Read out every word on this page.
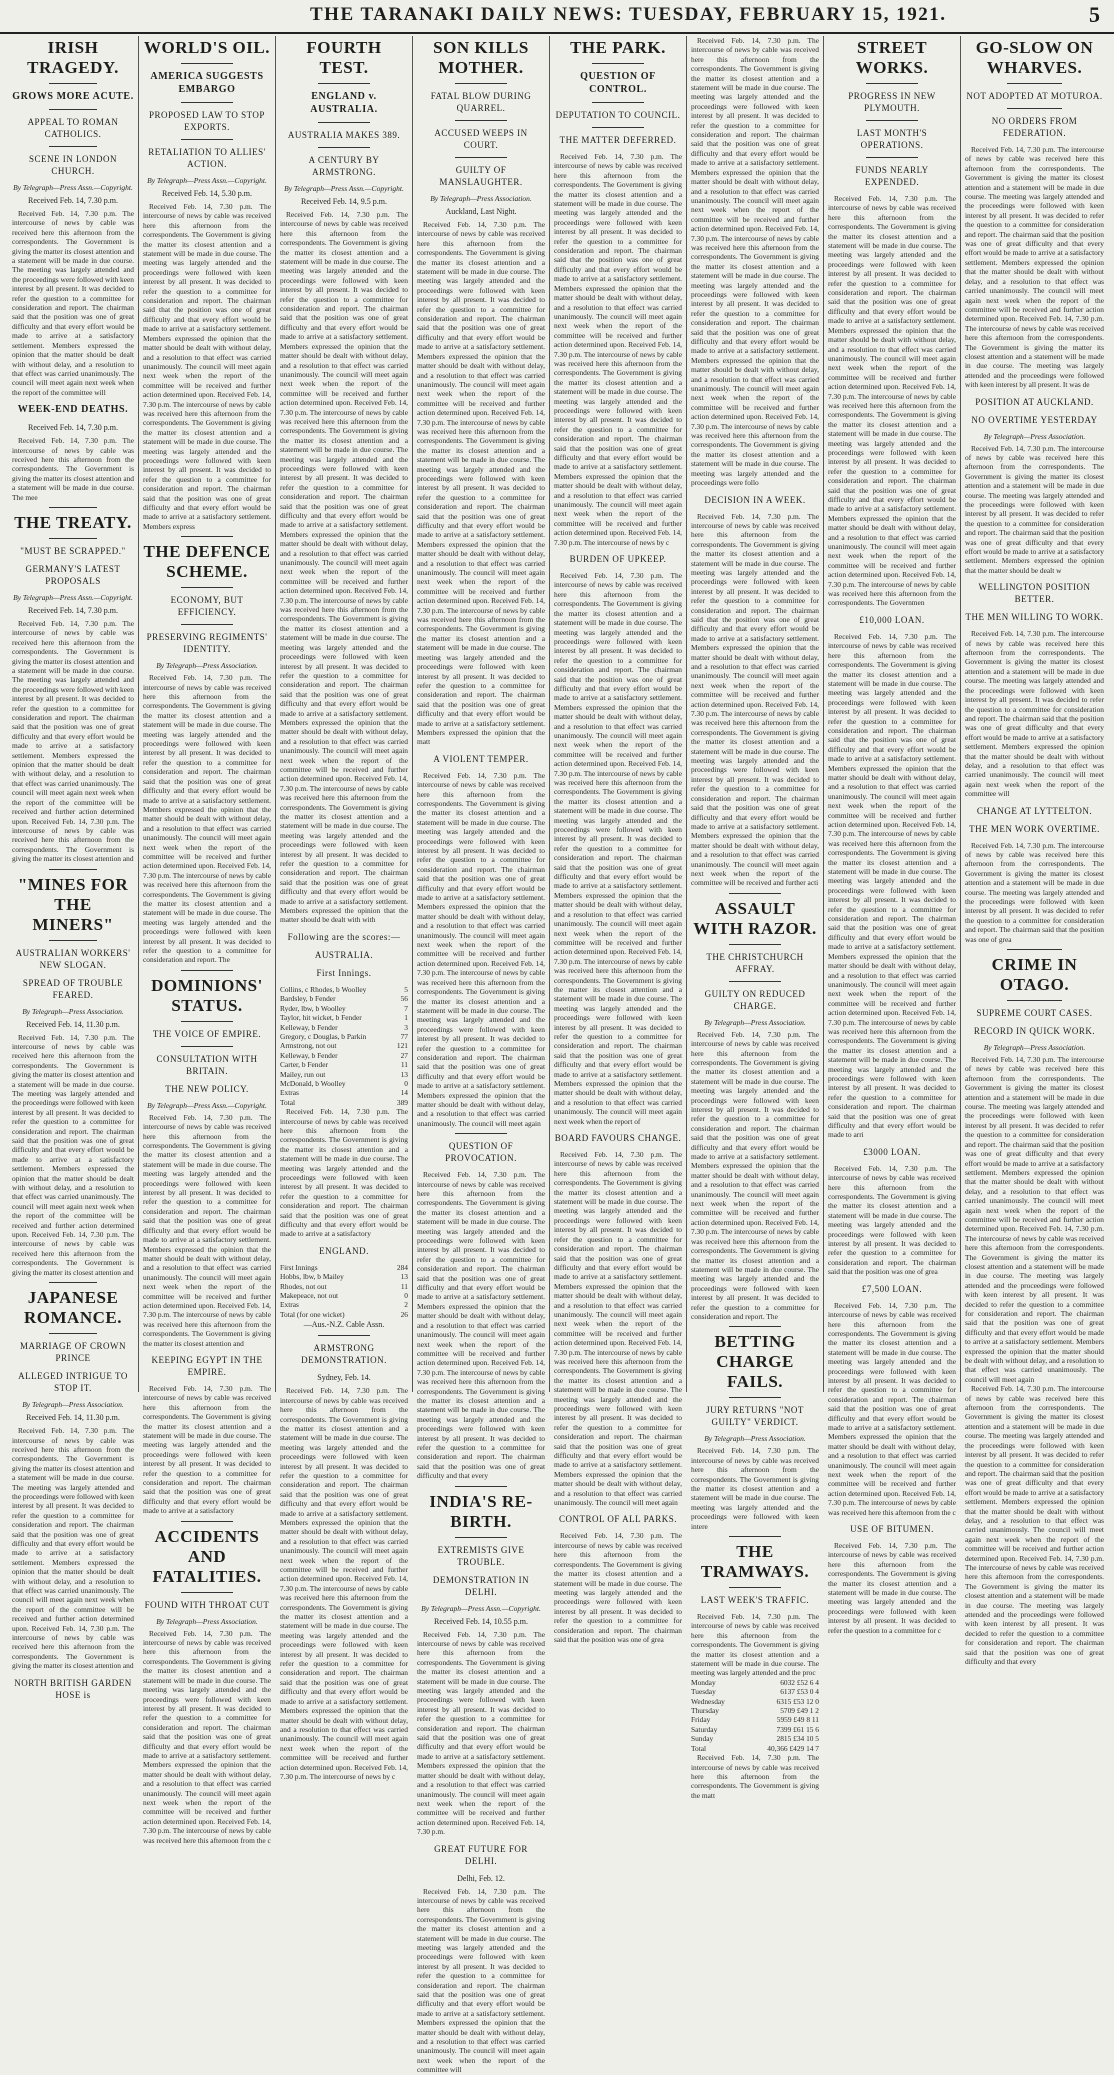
THE TARANAKI DAILY NEWS: TUESDAY, FEBRUARY 15, 1921.	5
IRISH TRAGEDY.
GROWS MORE ACUTE.
APPEAL TO ROMAN CATHOLICS.
SCENE IN LONDON CHURCH.
By Telegraph—Press Assn.—Copyright.
Received Feb. 14, 7.30 p.m.

Received Feb. 14, 7.30 p.m. The intercourse of news by cable was received here this afternoon from the correspondents. The Government is giving the matter its closest attention and a statement will be made in due course. The meeting was largely attended and the proceedings were followed with keen interest by all present. It was decided to refer the question to a committee for consideration and report. The chairman said that the position was one of great difficulty and that every effort would be made to arrive at a satisfactory settlement. Members expressed the opinion that the matter should be dealt with without delay, and a resolution to that effect was carried unanimously. The council will meet again next week when the report of the committee will

WEEK-END DEATHS.
Received Feb. 14, 7.30 p.m.

Received Feb. 14, 7.30 p.m. The intercourse of news by cable was received here this afternoon from the correspondents. The Government is giving the matter its closest attention and a statement will be made in due course. The mee

THE TREATY.
"MUST BE SCRAPPED."
GERMANY'S LATEST PROPOSALS
By Telegraph—Press Assn.—Copyright.
Received Feb. 14, 7.30 p.m.

Received Feb. 14, 7.30 p.m. The intercourse of news by cable was received here this afternoon from the correspondents. The Government is giving the matter its closest attention and a statement will be made in due course. The meeting was largely attended and the proceedings were followed with keen interest by all present. It was decided to refer the question to a committee for consideration and report. The chairman said that the position was one of great difficulty and that every effort would be made to arrive at a satisfactory settlement. Members expressed the opinion that the matter should be dealt with without delay, and a resolution to that effect was carried unanimously. The council will meet again next week when the report of the committee will be received and further action determined upon. Received Feb. 14, 7.30 p.m. The intercourse of news by cable was received here this afternoon from the correspondents. The Government is giving the matter its closest attention and

"MINES FOR THE MINERS"
AUSTRALIAN WORKERS' NEW SLOGAN.
SPREAD OF TROUBLE FEARED.
By Telegraph—Press Association.
Received Feb. 14, 11.30 p.m.

Received Feb. 14, 7.30 p.m. The intercourse of news by cable was received here this afternoon from the correspondents. The Government is giving the matter its closest attention and a statement will be made in due course. The meeting was largely attended and the proceedings were followed with keen interest by all present. It was decided to refer the question to a committee for consideration and report. The chairman said that the position was one of great difficulty and that every effort would be made to arrive at a satisfactory settlement. Members expressed the opinion that the matter should be dealt with without delay, and a resolution to that effect was carried unanimously. The council will meet again next week when the report of the committee will be received and further action determined upon. Received Feb. 14, 7.30 p.m. The intercourse of news by cable was received here this afternoon from the correspondents. The Government is giving the matter its closest attention and

JAPANESE ROMANCE.
MARRIAGE OF CROWN PRINCE
ALLEGED INTRIGUE TO STOP IT.
By Telegraph—Press Association.
Received Feb. 14, 11.30 p.m.

Received Feb. 14, 7.30 p.m. The intercourse of news by cable was received here this afternoon from the correspondents. The Government is giving the matter its closest attention and a statement will be made in due course. The meeting was largely attended and the proceedings were followed with keen interest by all present. It was decided to refer the question to a committee for consideration and report. The chairman said that the position was one of great difficulty and that every effort would be made to arrive at a satisfactory settlement. Members expressed the opinion that the matter should be dealt with without delay, and a resolution to that effect was carried unanimously. The council will meet again next week when the report of the committee will be received and further action determined upon. Received Feb. 14, 7.30 p.m. The intercourse of news by cable was received here this afternoon from the correspondents. The Government is giving the matter its closest attention and

NORTH BRITISH GARDEN HOSE is
WORLD'S OIL.
AMERICA SUGGESTS EMBARGO
PROPOSED LAW TO STOP EXPORTS.
RETALIATION TO ALLIES' ACTION.
By Telegraph—Press Assn.—Copyright.
Received Feb. 14, 5.30 p.m.

Received Feb. 14, 7.30 p.m. The intercourse of news by cable was received here this afternoon from the correspondents. The Government is giving the matter its closest attention and a statement will be made in due course. The meeting was largely attended and the proceedings were followed with keen interest by all present. It was decided to refer the question to a committee for consideration and report. The chairman said that the position was one of great difficulty and that every effort would be made to arrive at a satisfactory settlement. Members expressed the opinion that the matter should be dealt with without delay, and a resolution to that effect was carried unanimously. The council will meet again next week when the report of the committee will be received and further action determined upon. Received Feb. 14, 7.30 p.m. The intercourse of news by cable was received here this afternoon from the correspondents. The Government is giving the matter its closest attention and a statement will be made in due course. The meeting was largely attended and the proceedings were followed with keen interest by all present. It was decided to refer the question to a committee for consideration and report. The chairman said that the position was one of great difficulty and that every effort would be made to arrive at a satisfactory settlement. Members express

THE DEFENCE SCHEME.
ECONOMY, BUT EFFICIENCY.
PRESERVING REGIMENTS' IDENTITY.
By Telegraph—Press Association.

Received Feb. 14, 7.30 p.m. The intercourse of news by cable was received here this afternoon from the correspondents. The Government is giving the matter its closest attention and a statement will be made in due course. The meeting was largely attended and the proceedings were followed with keen interest by all present. It was decided to refer the question to a committee for consideration and report. The chairman said that the position was one of great difficulty and that every effort would be made to arrive at a satisfactory settlement. Members expressed the opinion that the matter should be dealt with without delay, and a resolution to that effect was carried unanimously. The council will meet again next week when the report of the committee will be received and further action determined upon. Received Feb. 14, 7.30 p.m. The intercourse of news by cable was received here this afternoon from the correspondents. The Government is giving the matter its closest attention and a statement will be made in due course. The meeting was largely attended and the proceedings were followed with keen interest by all present. It was decided to refer the question to a committee for consideration and report. The

DOMINIONS' STATUS.
THE VOICE OF EMPIRE.
CONSULTATION WITH BRITAIN.
THE NEW POLICY.
By Telegraph—Press Assn.—Copyright.

Received Feb. 14, 7.30 p.m. The intercourse of news by cable was received here this afternoon from the correspondents. The Government is giving the matter its closest attention and a statement will be made in due course. The meeting was largely attended and the proceedings were followed with keen interest by all present. It was decided to refer the question to a committee for consideration and report. The chairman said that the position was one of great difficulty and that every effort would be made to arrive at a satisfactory settlement. Members expressed the opinion that the matter should be dealt with without delay, and a resolution to that effect was carried unanimously. The council will meet again next week when the report of the committee will be received and further action determined upon. Received Feb. 14, 7.30 p.m. The intercourse of news by cable was received here this afternoon from the correspondents. The Government is giving the matter its closest attention and

KEEPING EGYPT IN THE EMPIRE.

Received Feb. 14, 7.30 p.m. The intercourse of news by cable was received here this afternoon from the correspondents. The Government is giving the matter its closest attention and a statement will be made in due course. The meeting was largely attended and the proceedings were followed with keen interest by all present. It was decided to refer the question to a committee for consideration and report. The chairman said that the position was one of great difficulty and that every effort would be made to arrive at a satisfactory

ACCIDENTS AND FATALITIES.
FOUND WITH THROAT CUT
By Telegraph—Press Association.

Received Feb. 14, 7.30 p.m. The intercourse of news by cable was received here this afternoon from the correspondents. The Government is giving the matter its closest attention and a statement will be made in due course. The meeting was largely attended and the proceedings were followed with keen interest by all present. It was decided to refer the question to a committee for consideration and report. The chairman said that the position was one of great difficulty and that every effort would be made to arrive at a satisfactory settlement. Members expressed the opinion that the matter should be dealt with without delay, and a resolution to that effect was carried unanimously. The council will meet again next week when the report of the committee will be received and further action determined upon. Received Feb. 14, 7.30 p.m. The intercourse of news by cable was received here this afternoon from the c

FOURTH TEST.
ENGLAND v. AUSTRALIA.
AUSTRALIA MAKES 389.
A CENTURY BY ARMSTRONG.
By Telegraph—Press Assn.—Copyright.
Received Feb. 14, 9.5 p.m.

Received Feb. 14, 7.30 p.m. The intercourse of news by cable was received here this afternoon from the correspondents. The Government is giving the matter its closest attention and a statement will be made in due course. The meeting was largely attended and the proceedings were followed with keen interest by all present. It was decided to refer the question to a committee for consideration and report. The chairman said that the position was one of great difficulty and that every effort would be made to arrive at a satisfactory settlement. Members expressed the opinion that the matter should be dealt with without delay, and a resolution to that effect was carried unanimously. The council will meet again next week when the report of the committee will be received and further action determined upon. Received Feb. 14, 7.30 p.m. The intercourse of news by cable was received here this afternoon from the correspondents. The Government is giving the matter its closest attention and a statement will be made in due course. The meeting was largely attended and the proceedings were followed with keen interest by all present. It was decided to refer the question to a committee for consideration and report. The chairman said that the position was one of great difficulty and that every effort would be made to arrive at a satisfactory settlement. Members expressed the opinion that the matter should be dealt with without delay, and a resolution to that effect was carried unanimously. The council will meet again next week when the report of the committee will be received and further action determined upon. Received Feb. 14, 7.30 p.m. The intercourse of news by cable was received here this afternoon from the correspondents. The Government is giving the matter its closest attention and a statement will be made in due course. The meeting was largely attended and the proceedings were followed with keen interest by all present. It was decided to refer the question to a committee for consideration and report. The chairman said that the position was one of great difficulty and that every effort would be made to arrive at a satisfactory settlement. Members expressed the opinion that the matter should be dealt with without delay, and a resolution to that effect was carried unanimously. The council will meet again next week when the report of the committee will be received and further action determined upon. Received Feb. 14, 7.30 p.m. The intercourse of news by cable was received here this afternoon from the correspondents. The Government is giving the matter its closest attention and a statement will be made in due course. The meeting was largely attended and the proceedings were followed with keen interest by all present. It was decided to refer the question to a committee for consideration and report. The chairman said that the position was one of great difficulty and that every effort would be made to arrive at a satisfactory settlement. Members expressed the opinion that the matter should be dealt with with

Following are the scores:—
AUSTRALIA.
First Innings.
Collins, c Rhodes, b Woolley	5
Bardsley, b Fender	56
Ryder, lbw, b Woolley	7
Taylor, hit wicket, b Fender	1
Kelleway, b Fender	3
Gregory, c Douglas, b Parkin	77
Armstrong, not out	121
Kelleway, b Fender	27
Carter, b Fender	11
Mailey, run out	13
McDonald, b Woolley	0
Extras	14
Total	389

Received Feb. 14, 7.30 p.m. The intercourse of news by cable was received here this afternoon from the correspondents. The Government is giving the matter its closest attention and a statement will be made in due course. The meeting was largely attended and the proceedings were followed with keen interest by all present. It was decided to refer the question to a committee for consideration and report. The chairman said that the position was one of great difficulty and that every effort would be made to arrive at a satisfactory

ENGLAND.
First Innings	284
Hobbs, lbw, b Mailey	13
Rhodes, not out	11
Makepeace, not out	0
Extras	2
Total (for one wicket)	26
—Aus.-N.Z. Cable Assn.
ARMSTRONG DEMONSTRATION.
Sydney, Feb. 14.

Received Feb. 14, 7.30 p.m. The intercourse of news by cable was received here this afternoon from the correspondents. The Government is giving the matter its closest attention and a statement will be made in due course. The meeting was largely attended and the proceedings were followed with keen interest by all present. It was decided to refer the question to a committee for consideration and report. The chairman said that the position was one of great difficulty and that every effort would be made to arrive at a satisfactory settlement. Members expressed the opinion that the matter should be dealt with without delay, and a resolution to that effect was carried unanimously. The council will meet again next week when the report of the committee will be received and further action determined upon. Received Feb. 14, 7.30 p.m. The intercourse of news by cable was received here this afternoon from the correspondents. The Government is giving the matter its closest attention and a statement will be made in due course. The meeting was largely attended and the proceedings were followed with keen interest by all present. It was decided to refer the question to a committee for consideration and report. The chairman said that the position was one of great difficulty and that every effort would be made to arrive at a satisfactory settlement. Members expressed the opinion that the matter should be dealt with without delay, and a resolution to that effect was carried unanimously. The council will meet again next week when the report of the committee will be received and further action determined upon. Received Feb. 14, 7.30 p.m. The intercourse of news by c

SON KILLS MOTHER.
FATAL BLOW DURING QUARREL.
ACCUSED WEEPS IN COURT.
GUILTY OF MANSLAUGHTER.
By Telegraph—Press Association.
Auckland, Last Night.

Received Feb. 14, 7.30 p.m. The intercourse of news by cable was received here this afternoon from the correspondents. The Government is giving the matter its closest attention and a statement will be made in due course. The meeting was largely attended and the proceedings were followed with keen interest by all present. It was decided to refer the question to a committee for consideration and report. The chairman said that the position was one of great difficulty and that every effort would be made to arrive at a satisfactory settlement. Members expressed the opinion that the matter should be dealt with without delay, and a resolution to that effect was carried unanimously. The council will meet again next week when the report of the committee will be received and further action determined upon. Received Feb. 14, 7.30 p.m. The intercourse of news by cable was received here this afternoon from the correspondents. The Government is giving the matter its closest attention and a statement will be made in due course. The meeting was largely attended and the proceedings were followed with keen interest by all present. It was decided to refer the question to a committee for consideration and report. The chairman said that the position was one of great difficulty and that every effort would be made to arrive at a satisfactory settlement. Members expressed the opinion that the matter should be dealt with without delay, and a resolution to that effect was carried unanimously. The council will meet again next week when the report of the committee will be received and further action determined upon. Received Feb. 14, 7.30 p.m. The intercourse of news by cable was received here this afternoon from the correspondents. The Government is giving the matter its closest attention and a statement will be made in due course. The meeting was largely attended and the proceedings were followed with keen interest by all present. It was decided to refer the question to a committee for consideration and report. The chairman said that the position was one of great difficulty and that every effort would be made to arrive at a satisfactory settlement. Members expressed the opinion that the matt

A VIOLENT TEMPER.

Received Feb. 14, 7.30 p.m. The intercourse of news by cable was received here this afternoon from the correspondents. The Government is giving the matter its closest attention and a statement will be made in due course. The meeting was largely attended and the proceedings were followed with keen interest by all present. It was decided to refer the question to a committee for consideration and report. The chairman said that the position was one of great difficulty and that every effort would be made to arrive at a satisfactory settlement. Members expressed the opinion that the matter should be dealt with without delay, and a resolution to that effect was carried unanimously. The council will meet again next week when the report of the committee will be received and further action determined upon. Received Feb. 14, 7.30 p.m. The intercourse of news by cable was received here this afternoon from the correspondents. The Government is giving the matter its closest attention and a statement will be made in due course. The meeting was largely attended and the proceedings were followed with keen interest by all present. It was decided to refer the question to a committee for consideration and report. The chairman said that the position was one of great difficulty and that every effort would be made to arrive at a satisfactory settlement. Members expressed the opinion that the matter should be dealt with without delay, and a resolution to that effect was carried unanimously. The council will meet again

QUESTION OF PROVOCATION.

Received Feb. 14, 7.30 p.m. The intercourse of news by cable was received here this afternoon from the correspondents. The Government is giving the matter its closest attention and a statement will be made in due course. The meeting was largely attended and the proceedings were followed with keen interest by all present. It was decided to refer the question to a committee for consideration and report. The chairman said that the position was one of great difficulty and that every effort would be made to arrive at a satisfactory settlement. Members expressed the opinion that the matter should be dealt with without delay, and a resolution to that effect was carried unanimously. The council will meet again next week when the report of the committee will be received and further action determined upon. Received Feb. 14, 7.30 p.m. The intercourse of news by cable was received here this afternoon from the correspondents. The Government is giving the matter its closest attention and a statement will be made in due course. The meeting was largely attended and the proceedings were followed with keen interest by all present. It was decided to refer the question to a committee for consideration and report. The chairman said that the position was one of great difficulty and that every

INDIA'S RE-BIRTH.
EXTREMISTS GIVE TROUBLE.
DEMONSTRATION IN DELHI.
By Telegraph—Press Assn.—Copyright.
Received Feb. 14, 10.55 p.m.

Received Feb. 14, 7.30 p.m. The intercourse of news by cable was received here this afternoon from the correspondents. The Government is giving the matter its closest attention and a statement will be made in due course. The meeting was largely attended and the proceedings were followed with keen interest by all present. It was decided to refer the question to a committee for consideration and report. The chairman said that the position was one of great difficulty and that every effort would be made to arrive at a satisfactory settlement. Members expressed the opinion that the matter should be dealt with without delay, and a resolution to that effect was carried unanimously. The council will meet again next week when the report of the committee will be received and further action determined upon. Received Feb. 14, 7.30 p.m.

GREAT FUTURE FOR DELHI.
Delhi, Feb. 12.

Received Feb. 14, 7.30 p.m. The intercourse of news by cable was received here this afternoon from the correspondents. The Government is giving the matter its closest attention and a statement will be made in due course. The meeting was largely attended and the proceedings were followed with keen interest by all present. It was decided to refer the question to a committee for consideration and report. The chairman said that the position was one of great difficulty and that every effort would be made to arrive at a satisfactory settlement. Members expressed the opinion that the matter should be dealt with without delay, and a resolution to that effect was carried unanimously. The council will meet again next week when the report of the committee will

THE PARK.
QUESTION OF CONTROL.
DEPUTATION TO COUNCIL.
THE MATTER DEFERRED.

Received Feb. 14, 7.30 p.m. The intercourse of news by cable was received here this afternoon from the correspondents. The Government is giving the matter its closest attention and a statement will be made in due course. The meeting was largely attended and the proceedings were followed with keen interest by all present. It was decided to refer the question to a committee for consideration and report. The chairman said that the position was one of great difficulty and that every effort would be made to arrive at a satisfactory settlement. Members expressed the opinion that the matter should be dealt with without delay, and a resolution to that effect was carried unanimously. The council will meet again next week when the report of the committee will be received and further action determined upon. Received Feb. 14, 7.30 p.m. The intercourse of news by cable was received here this afternoon from the correspondents. The Government is giving the matter its closest attention and a statement will be made in due course. The meeting was largely attended and the proceedings were followed with keen interest by all present. It was decided to refer the question to a committee for consideration and report. The chairman said that the position was one of great difficulty and that every effort would be made to arrive at a satisfactory settlement. Members expressed the opinion that the matter should be dealt with without delay, and a resolution to that effect was carried unanimously. The council will meet again next week when the report of the committee will be received and further action determined upon. Received Feb. 14, 7.30 p.m. The intercourse of news by c

BURDEN OF UPKEEP.

Received Feb. 14, 7.30 p.m. The intercourse of news by cable was received here this afternoon from the correspondents. The Government is giving the matter its closest attention and a statement will be made in due course. The meeting was largely attended and the proceedings were followed with keen interest by all present. It was decided to refer the question to a committee for consideration and report. The chairman said that the position was one of great difficulty and that every effort would be made to arrive at a satisfactory settlement. Members expressed the opinion that the matter should be dealt with without delay, and a resolution to that effect was carried unanimously. The council will meet again next week when the report of the committee will be received and further action determined upon. Received Feb. 14, 7.30 p.m. The intercourse of news by cable was received here this afternoon from the correspondents. The Government is giving the matter its closest attention and a statement will be made in due course. The meeting was largely attended and the proceedings were followed with keen interest by all present. It was decided to refer the question to a committee for consideration and report. The chairman said that the position was one of great difficulty and that every effort would be made to arrive at a satisfactory settlement. Members expressed the opinion that the matter should be dealt with without delay, and a resolution to that effect was carried unanimously. The council will meet again next week when the report of the committee will be received and further action determined upon. Received Feb. 14, 7.30 p.m. The intercourse of news by cable was received here this afternoon from the correspondents. The Government is giving the matter its closest attention and a statement will be made in due course. The meeting was largely attended and the proceedings were followed with keen interest by all present. It was decided to refer the question to a committee for consideration and report. The chairman said that the position was one of great difficulty and that every effort would be made to arrive at a satisfactory settlement. Members expressed the opinion that the matter should be dealt with without delay, and a resolution to that effect was carried unanimously. The council will meet again next week when the report of

BOARD FAVOURS CHANGE.

Received Feb. 14, 7.30 p.m. The intercourse of news by cable was received here this afternoon from the correspondents. The Government is giving the matter its closest attention and a statement will be made in due course. The meeting was largely attended and the proceedings were followed with keen interest by all present. It was decided to refer the question to a committee for consideration and report. The chairman said that the position was one of great difficulty and that every effort would be made to arrive at a satisfactory settlement. Members expressed the opinion that the matter should be dealt with without delay, and a resolution to that effect was carried unanimously. The council will meet again next week when the report of the committee will be received and further action determined upon. Received Feb. 14, 7.30 p.m. The intercourse of news by cable was received here this afternoon from the correspondents. The Government is giving the matter its closest attention and a statement will be made in due course. The meeting was largely attended and the proceedings were followed with keen interest by all present. It was decided to refer the question to a committee for consideration and report. The chairman said that the position was one of great difficulty and that every effort would be made to arrive at a satisfactory settlement. Members expressed the opinion that the matter should be dealt with without delay, and a resolution to that effect was carried unanimously. The council will meet again

CONTROL OF ALL PARKS.

Received Feb. 14, 7.30 p.m. The intercourse of news by cable was received here this afternoon from the correspondents. The Government is giving the matter its closest attention and a statement will be made in due course. The meeting was largely attended and the proceedings were followed with keen interest by all present. It was decided to refer the question to a committee for consideration and report. The chairman said that the position was one of grea

Received Feb. 14, 7.30 p.m. The intercourse of news by cable was received here this afternoon from the correspondents. The Government is giving the matter its closest attention and a statement will be made in due course. The meeting was largely attended and the proceedings were followed with keen interest by all present. It was decided to refer the question to a committee for consideration and report. The chairman said that the position was one of great difficulty and that every effort would be made to arrive at a satisfactory settlement. Members expressed the opinion that the matter should be dealt with without delay, and a resolution to that effect was carried unanimously. The council will meet again next week when the report of the committee will be received and further action determined upon. Received Feb. 14, 7.30 p.m. The intercourse of news by cable was received here this afternoon from the correspondents. The Government is giving the matter its closest attention and a statement will be made in due course. The meeting was largely attended and the proceedings were followed with keen interest by all present. It was decided to refer the question to a committee for consideration and report. The chairman said that the position was one of great difficulty and that every effort would be made to arrive at a satisfactory settlement. Members expressed the opinion that the matter should be dealt with without delay, and a resolution to that effect was carried unanimously. The council will meet again next week when the report of the committee will be received and further action determined upon. Received Feb. 14, 7.30 p.m. The intercourse of news by cable was received here this afternoon from the correspondents. The Government is giving the matter its closest attention and a statement will be made in due course. The meeting was largely attended and the proceedings were follo

DECISION IN A WEEK.

Received Feb. 14, 7.30 p.m. The intercourse of news by cable was received here this afternoon from the correspondents. The Government is giving the matter its closest attention and a statement will be made in due course. The meeting was largely attended and the proceedings were followed with keen interest by all present. It was decided to refer the question to a committee for consideration and report. The chairman said that the position was one of great difficulty and that every effort would be made to arrive at a satisfactory settlement. Members expressed the opinion that the matter should be dealt with without delay, and a resolution to that effect was carried unanimously. The council will meet again next week when the report of the committee will be received and further action determined upon. Received Feb. 14, 7.30 p.m. The intercourse of news by cable was received here this afternoon from the correspondents. The Government is giving the matter its closest attention and a statement will be made in due course. The meeting was largely attended and the proceedings were followed with keen interest by all present. It was decided to refer the question to a committee for consideration and report. The chairman said that the position was one of great difficulty and that every effort would be made to arrive at a satisfactory settlement. Members expressed the opinion that the matter should be dealt with without delay, and a resolution to that effect was carried unanimously. The council will meet again next week when the report of the committee will be received and further acti

ASSAULT WITH RAZOR.
THE CHRISTCHURCH AFFRAY.
GUILTY ON REDUCED CHARGE.
By Telegraph—Press Association.

Received Feb. 14, 7.30 p.m. The intercourse of news by cable was received here this afternoon from the correspondents. The Government is giving the matter its closest attention and a statement will be made in due course. The meeting was largely attended and the proceedings were followed with keen interest by all present. It was decided to refer the question to a committee for consideration and report. The chairman said that the position was one of great difficulty and that every effort would be made to arrive at a satisfactory settlement. Members expressed the opinion that the matter should be dealt with without delay, and a resolution to that effect was carried unanimously. The council will meet again next week when the report of the committee will be received and further action determined upon. Received Feb. 14, 7.30 p.m. The intercourse of news by cable was received here this afternoon from the correspondents. The Government is giving the matter its closest attention and a statement will be made in due course. The meeting was largely attended and the proceedings were followed with keen interest by all present. It was decided to refer the question to a committee for consideration and report. The

BETTING CHARGE FAILS.
JURY RETURNS "NOT GUILTY" VERDICT.
By Telegraph—Press Association.

Received Feb. 14, 7.30 p.m. The intercourse of news by cable was received here this afternoon from the correspondents. The Government is giving the matter its closest attention and a statement will be made in due course. The meeting was largely attended and the proceedings were followed with keen intere

THE TRAMWAYS.
LAST WEEK'S TRAFFIC.

Received Feb. 14, 7.30 p.m. The intercourse of news by cable was received here this afternoon from the correspondents. The Government is giving the matter its closest attention and a statement will be made in due course. The meeting was largely attended and the proc

Monday	6032 £52 6 4
Tuesday	6137 £53 0 4
Wednesday	6315 £53 12 0
Thursday	5709 £49 1 2
Friday	5959 £49 8 11
Saturday	7399 £61 15 6
Sunday	2815 £34 10 5
Total	40,366 £429 14 7

Received Feb. 14, 7.30 p.m. The intercourse of news by cable was received here this afternoon from the correspondents. The Government is giving the matt

STREET WORKS.
PROGRESS IN NEW PLYMOUTH.
LAST MONTH'S OPERATIONS.
FUNDS NEARLY EXPENDED.

Received Feb. 14, 7.30 p.m. The intercourse of news by cable was received here this afternoon from the correspondents. The Government is giving the matter its closest attention and a statement will be made in due course. The meeting was largely attended and the proceedings were followed with keen interest by all present. It was decided to refer the question to a committee for consideration and report. The chairman said that the position was one of great difficulty and that every effort would be made to arrive at a satisfactory settlement. Members expressed the opinion that the matter should be dealt with without delay, and a resolution to that effect was carried unanimously. The council will meet again next week when the report of the committee will be received and further action determined upon. Received Feb. 14, 7.30 p.m. The intercourse of news by cable was received here this afternoon from the correspondents. The Government is giving the matter its closest attention and a statement will be made in due course. The meeting was largely attended and the proceedings were followed with keen interest by all present. It was decided to refer the question to a committee for consideration and report. The chairman said that the position was one of great difficulty and that every effort would be made to arrive at a satisfactory settlement. Members expressed the opinion that the matter should be dealt with without delay, and a resolution to that effect was carried unanimously. The council will meet again next week when the report of the committee will be received and further action determined upon. Received Feb. 14, 7.30 p.m. The intercourse of news by cable was received here this afternoon from the correspondents. The Governmen

£10,000 LOAN.

Received Feb. 14, 7.30 p.m. The intercourse of news by cable was received here this afternoon from the correspondents. The Government is giving the matter its closest attention and a statement will be made in due course. The meeting was largely attended and the proceedings were followed with keen interest by all present. It was decided to refer the question to a committee for consideration and report. The chairman said that the position was one of great difficulty and that every effort would be made to arrive at a satisfactory settlement. Members expressed the opinion that the matter should be dealt with without delay, and a resolution to that effect was carried unanimously. The council will meet again next week when the report of the committee will be received and further action determined upon. Received Feb. 14, 7.30 p.m. The intercourse of news by cable was received here this afternoon from the correspondents. The Government is giving the matter its closest attention and a statement will be made in due course. The meeting was largely attended and the proceedings were followed with keen interest by all present. It was decided to refer the question to a committee for consideration and report. The chairman said that the position was one of great difficulty and that every effort would be made to arrive at a satisfactory settlement. Members expressed the opinion that the matter should be dealt with without delay, and a resolution to that effect was carried unanimously. The council will meet again next week when the report of the committee will be received and further action determined upon. Received Feb. 14, 7.30 p.m. The intercourse of news by cable was received here this afternoon from the correspondents. The Government is giving the matter its closest attention and a statement will be made in due course. The meeting was largely attended and the proceedings were followed with keen interest by all present. It was decided to refer the question to a committee for consideration and report. The chairman said that the position was one of great difficulty and that every effort would be made to arri

£3000 LOAN.

Received Feb. 14, 7.30 p.m. The intercourse of news by cable was received here this afternoon from the correspondents. The Government is giving the matter its closest attention and a statement will be made in due course. The meeting was largely attended and the proceedings were followed with keen interest by all present. It was decided to refer the question to a committee for consideration and report. The chairman said that the position was one of grea

£7,500 LOAN.

Received Feb. 14, 7.30 p.m. The intercourse of news by cable was received here this afternoon from the correspondents. The Government is giving the matter its closest attention and a statement will be made in due course. The meeting was largely attended and the proceedings were followed with keen interest by all present. It was decided to refer the question to a committee for consideration and report. The chairman said that the position was one of great difficulty and that every effort would be made to arrive at a satisfactory settlement. Members expressed the opinion that the matter should be dealt with without delay, and a resolution to that effect was carried unanimously. The council will meet again next week when the report of the committee will be received and further action determined upon. Received Feb. 14, 7.30 p.m. The intercourse of news by cable was received here this afternoon from the c

USE OF BITUMEN.

Received Feb. 14, 7.30 p.m. The intercourse of news by cable was received here this afternoon from the correspondents. The Government is giving the matter its closest attention and a statement will be made in due course. The meeting was largely attended and the proceedings were followed with keen interest by all present. It was decided to refer the question to a committee for c

GO-SLOW ON WHARVES.
NOT ADOPTED AT MOTUROA.
NO ORDERS FROM FEDERATION.

Received Feb. 14, 7.30 p.m. The intercourse of news by cable was received here this afternoon from the correspondents. The Government is giving the matter its closest attention and a statement will be made in due course. The meeting was largely attended and the proceedings were followed with keen interest by all present. It was decided to refer the question to a committee for consideration and report. The chairman said that the position was one of great difficulty and that every effort would be made to arrive at a satisfactory settlement. Members expressed the opinion that the matter should be dealt with without delay, and a resolution to that effect was carried unanimously. The council will meet again next week when the report of the committee will be received and further action determined upon. Received Feb. 14, 7.30 p.m. The intercourse of news by cable was received here this afternoon from the correspondents. The Government is giving the matter its closest attention and a statement will be made in due course. The meeting was largely attended and the proceedings were followed with keen interest by all present. It was de

POSITION AT AUCKLAND.
NO OVERTIME YESTERDAY
By Telegraph—Press Association.

Received Feb. 14, 7.30 p.m. The intercourse of news by cable was received here this afternoon from the correspondents. The Government is giving the matter its closest attention and a statement will be made in due course. The meeting was largely attended and the proceedings were followed with keen interest by all present. It was decided to refer the question to a committee for consideration and report. The chairman said that the position was one of great difficulty and that every effort would be made to arrive at a satisfactory settlement. Members expressed the opinion that the matter should be dealt w

WELLINGTON POSITION BETTER.
THE MEN WILLING TO WORK.

Received Feb. 14, 7.30 p.m. The intercourse of news by cable was received here this afternoon from the correspondents. The Government is giving the matter its closest attention and a statement will be made in due course. The meeting was largely attended and the proceedings were followed with keen interest by all present. It was decided to refer the question to a committee for consideration and report. The chairman said that the position was one of great difficulty and that every effort would be made to arrive at a satisfactory settlement. Members expressed the opinion that the matter should be dealt with without delay, and a resolution to that effect was carried unanimously. The council will meet again next week when the report of the committee will

CHANGE AT LYTTELTON.
THE MEN WORK OVERTIME.

Received Feb. 14, 7.30 p.m. The intercourse of news by cable was received here this afternoon from the correspondents. The Government is giving the matter its closest attention and a statement will be made in due course. The meeting was largely attended and the proceedings were followed with keen interest by all present. It was decided to refer the question to a committee for consideration and report. The chairman said that the position was one of grea

CRIME IN OTAGO.
SUPREME COURT CASES.
RECORD IN QUICK WORK.
By Telegraph—Press Association.

Received Feb. 14, 7.30 p.m. The intercourse of news by cable was received here this afternoon from the correspondents. The Government is giving the matter its closest attention and a statement will be made in due course. The meeting was largely attended and the proceedings were followed with keen interest by all present. It was decided to refer the question to a committee for consideration and report. The chairman said that the position was one of great difficulty and that every effort would be made to arrive at a satisfactory settlement. Members expressed the opinion that the matter should be dealt with without delay, and a resolution to that effect was carried unanimously. The council will meet again next week when the report of the committee will be received and further action determined upon. Received Feb. 14, 7.30 p.m. The intercourse of news by cable was received here this afternoon from the correspondents. The Government is giving the matter its closest attention and a statement will be made in due course. The meeting was largely attended and the proceedings were followed with keen interest by all present. It was decided to refer the question to a committee for consideration and report. The chairman said that the position was one of great difficulty and that every effort would be made to arrive at a satisfactory settlement. Members expressed the opinion that the matter should be dealt with without delay, and a resolution to that effect was carried unanimously. The council will meet again

Received Feb. 14, 7.30 p.m. The intercourse of news by cable was received here this afternoon from the correspondents. The Government is giving the matter its closest attention and a statement will be made in due course. The meeting was largely attended and the proceedings were followed with keen interest by all present. It was decided to refer the question to a committee for consideration and report. The chairman said that the position was one of great difficulty and that every effort would be made to arrive at a satisfactory settlement. Members expressed the opinion that the matter should be dealt with without delay, and a resolution to that effect was carried unanimously. The council will meet again next week when the report of the committee will be received and further action determined upon. Received Feb. 14, 7.30 p.m. The intercourse of news by cable was received here this afternoon from the correspondents. The Government is giving the matter its closest attention and a statement will be made in due course. The meeting was largely attended and the proceedings were followed with keen interest by all present. It was decided to refer the question to a committee for consideration and report. The chairman said that the position was one of great difficulty and that every
